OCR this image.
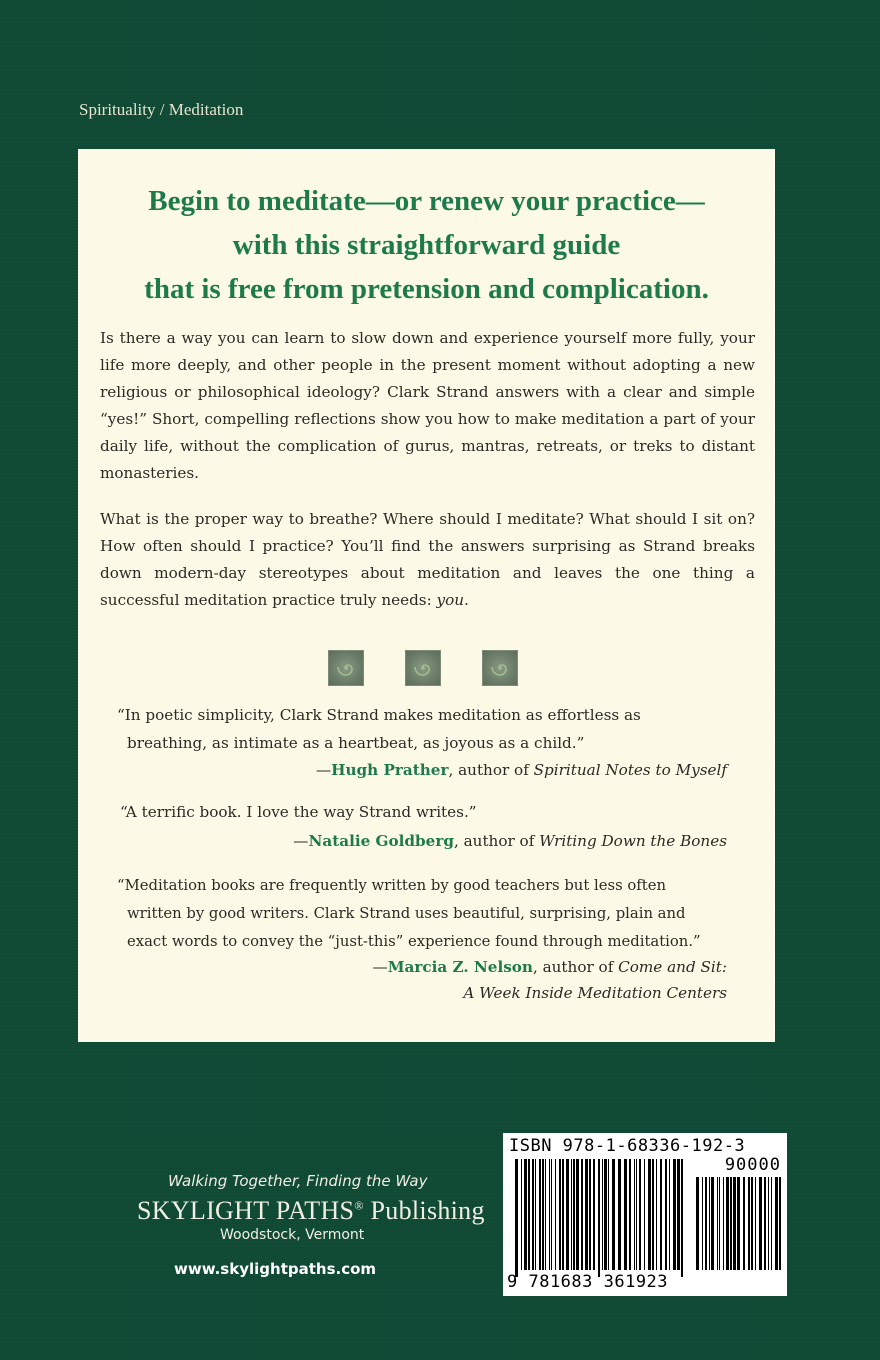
Spirituality / Meditation
Begin to meditate—or renew your practice—
with this straightforward guide
that is free from pretension and complication.

Is there a way you can learn to slow down and experience yourself more fully, your life more deeply, and other people in the present moment without adopting a new religious or philosophical ideology? Clark Strand answers with a clear and simple “yes!” Short, compelling reflections show you how to make meditation a part of your daily life, without the complication of gurus, mantras, retreats, or treks to distant monasteries.

What is the proper way to breathe? Where should I meditate? What should I sit on? How often should I practice? You’ll find the answers surprising as Strand breaks down modern-day stereotypes about meditation and leaves the one thing a successful meditation practice truly needs: you.

“In poetic simplicity, Clark Strand makes meditation as effortless as
breathing, as intimate as a heartbeat, as joyous as a child.”
—Hugh Prather, author of Spiritual Notes to Myself
“A terrific book. I love the way Strand writes.”
—Natalie Goldberg, author of Writing Down the Bones
“Meditation books are frequently written by good teachers but less often
written by good writers. Clark Strand uses beautiful, surprising, plain and
exact words to convey the “just-this” experience found through meditation.”
—Marcia Z. Nelson, author of Come and Sit:
A Week Inside Meditation Centers
Walking Together, Finding the Way
SKYLIGHT PATHS® Publishing
Woodstock, Vermont
www.skylightpaths.com
ISBN 978-1-68336-192-3
90000
9 781683 361923
